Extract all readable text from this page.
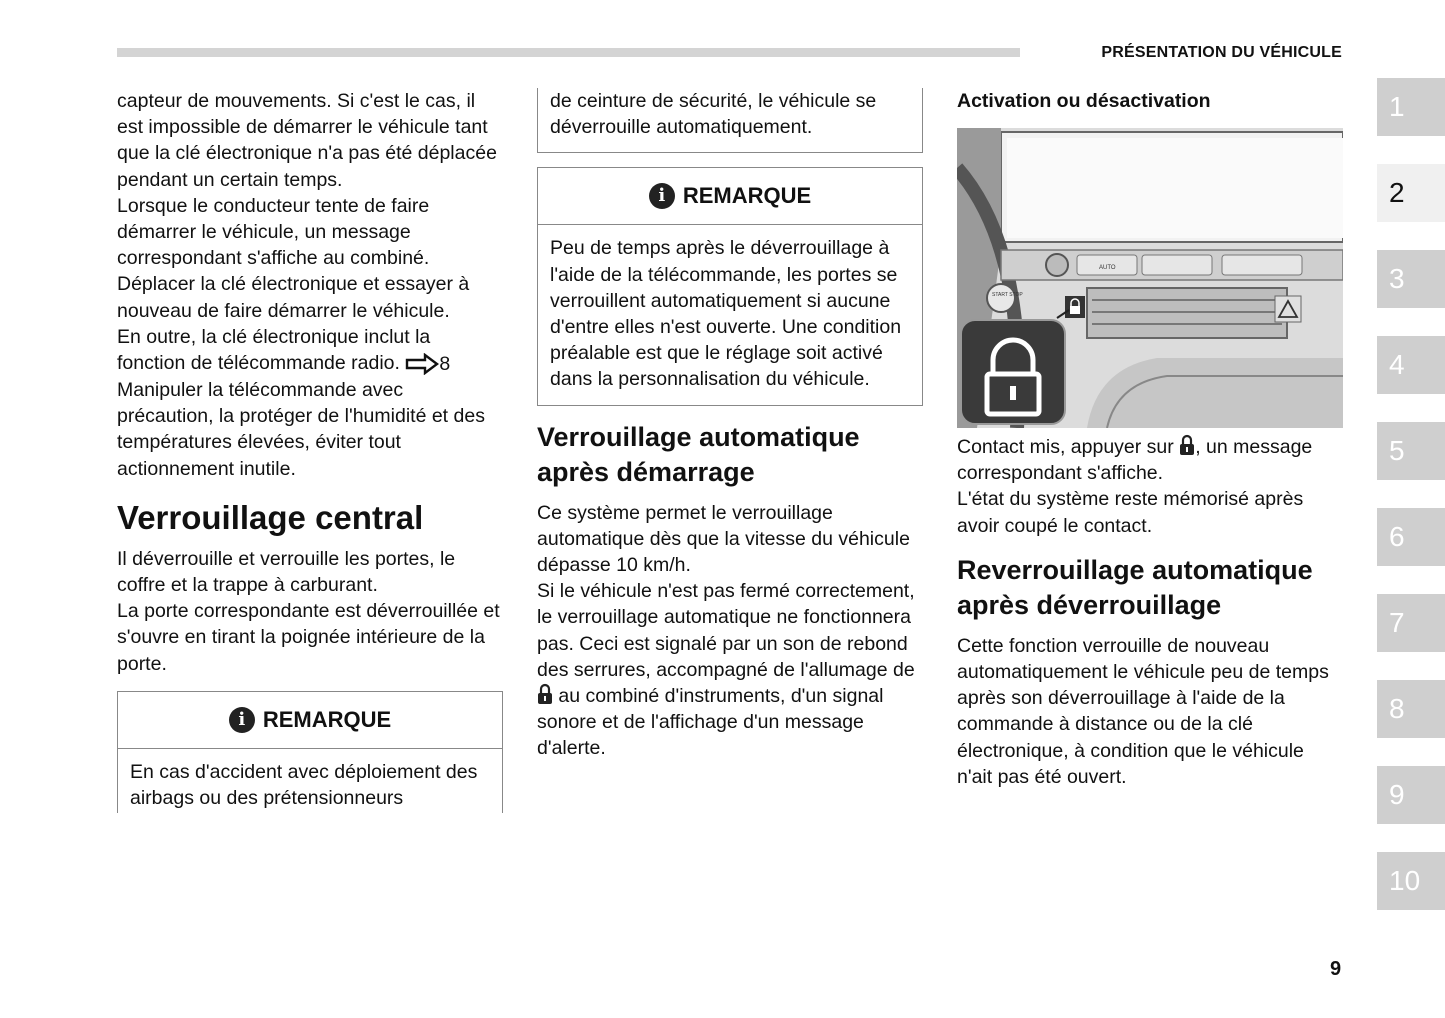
PRÉSENTATION DU VÉHICULE

capteur de mouvements. Si c'est le cas, il est impossible de démarrer le véhicule tant que la clé électronique n'a pas été déplacée pendant un certain temps.

Lorsque le conducteur tente de faire démarrer le véhicule, un message correspondant s'affiche au combiné.

Déplacer la clé électronique et essayer à nouveau de faire démarrer le véhicule.

En outre, la clé électronique inclut la fonction de télécommande radio. 8

Manipuler la télécommande avec précaution, la protéger de l'humidité et des températures élevées, éviter tout actionnement inutile.

Verrouillage central

Il déverrouille et verrouille les portes, le coffre et la trappe à carburant.

La porte correspondante est déverrouillée et s'ouvre en tirant la poignée intérieure de la porte.

i REMARQUE
En cas d'accident avec déploiement des airbags ou des prétensionneurs

de ceinture de sécurité, le véhicule se déverrouille automatiquement.

i REMARQUE
Peu de temps après le déverrouillage à l'aide de la télécommande, les portes se verrouillent automatiquement si aucune d'entre elles n'est ouverte. Une condition préalable est que le réglage soit activé dans la personnalisation du véhicule.
Verrouillage automatique après démarrage

Ce système permet le verrouillage automatique dès que la vitesse du véhicule dépasse 10 km/h.

Si le véhicule n'est pas fermé correctement, le verrouillage automatique ne fonctionnera pas. Ceci est signalé par un son de rebond des serrures, accompagné de l'allumage de  au combiné d'instruments, d'un signal sonore et de l'affichage d'un message d'alerte.

Activation ou désactivation
AUTO
START STOP

Contact mis, appuyer sur , un message correspondant s'affiche.

L'état du système reste mémorisé après avoir coupé le contact.

Reverrouillage automatique après déverrouillage

Cette fonction verrouille de nouveau automatiquement le véhicule peu de temps après son déverrouillage à l'aide de la commande à distance ou de la clé électronique, à condition que le véhicule n'ait pas été ouvert.

1
2
3
4
5
6
7
8
9
10
9
